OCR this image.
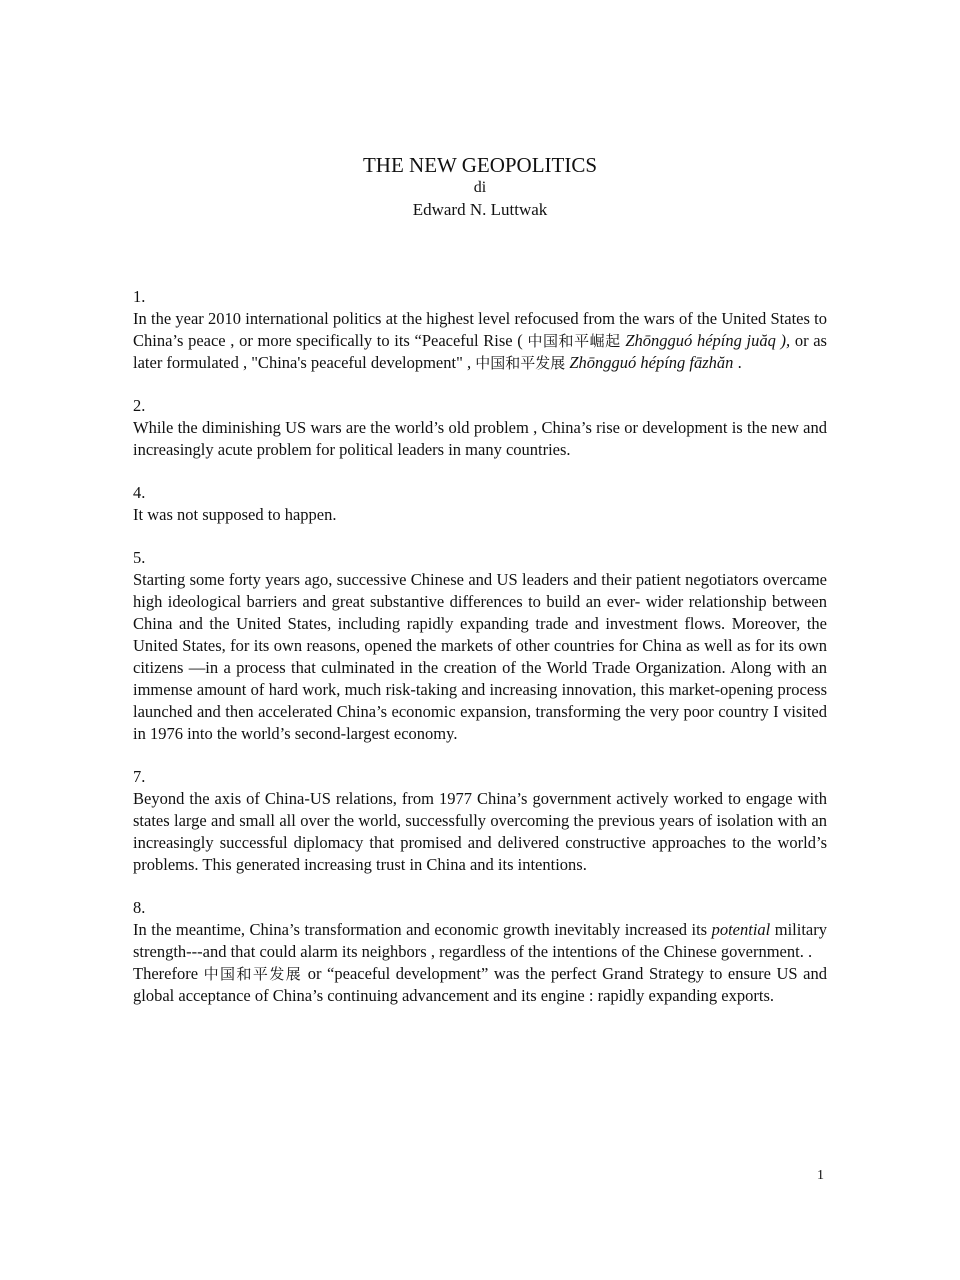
THE NEW GEOPOLITICS

di

Edward N. Luttwak

1.

In the year 2010 international politics at the highest level refocused from the wars of the United States to China’s peace , or more specifically to its “Peaceful Rise ( 中国和平崛起 Zhōngguó hépíng juăq ), or as later formulated , "China's peaceful development" , 中国和平发展 Zhōngguó hépíng fāzhăn .

2.

While the diminishing US wars are the world’s old problem , China’s rise or development is the new and increasingly acute problem for political leaders in many countries.

4.

It was not supposed to happen.

5.

Starting some forty years ago, successive Chinese and US leaders and their patient negotiators overcame high ideological barriers and great substantive differences to build an ever- wider relationship between China and the United States, including rapidly expanding trade and investment flows. Moreover, the United States, for its own reasons, opened the markets of other countries for China as well as for its own citizens —in a process that culminated in the creation of the World Trade Organization. Along with an immense amount of hard work, much risk-taking and increasing innovation, this market-opening process launched and then accelerated China’s economic expansion, transforming the very poor country I visited in 1976 into the world’s second-largest economy.

7.

Beyond the axis of China-US relations, from 1977 China’s government actively worked to engage with states large and small all over the world, successfully overcoming the previous years of isolation with an increasingly successful diplomacy that promised and delivered constructive approaches to the world’s problems. This generated increasing trust in China and its intentions.

8.

In the meantime, China’s transformation and economic growth inevitably increased its potential military strength---and that could alarm its neighbors , regardless of the intentions of the Chinese government. .

Therefore 中国和平发展 or “peaceful development” was the perfect Grand Strategy to ensure US and global acceptance of China’s continuing advancement and its engine : rapidly expanding exports.

1
